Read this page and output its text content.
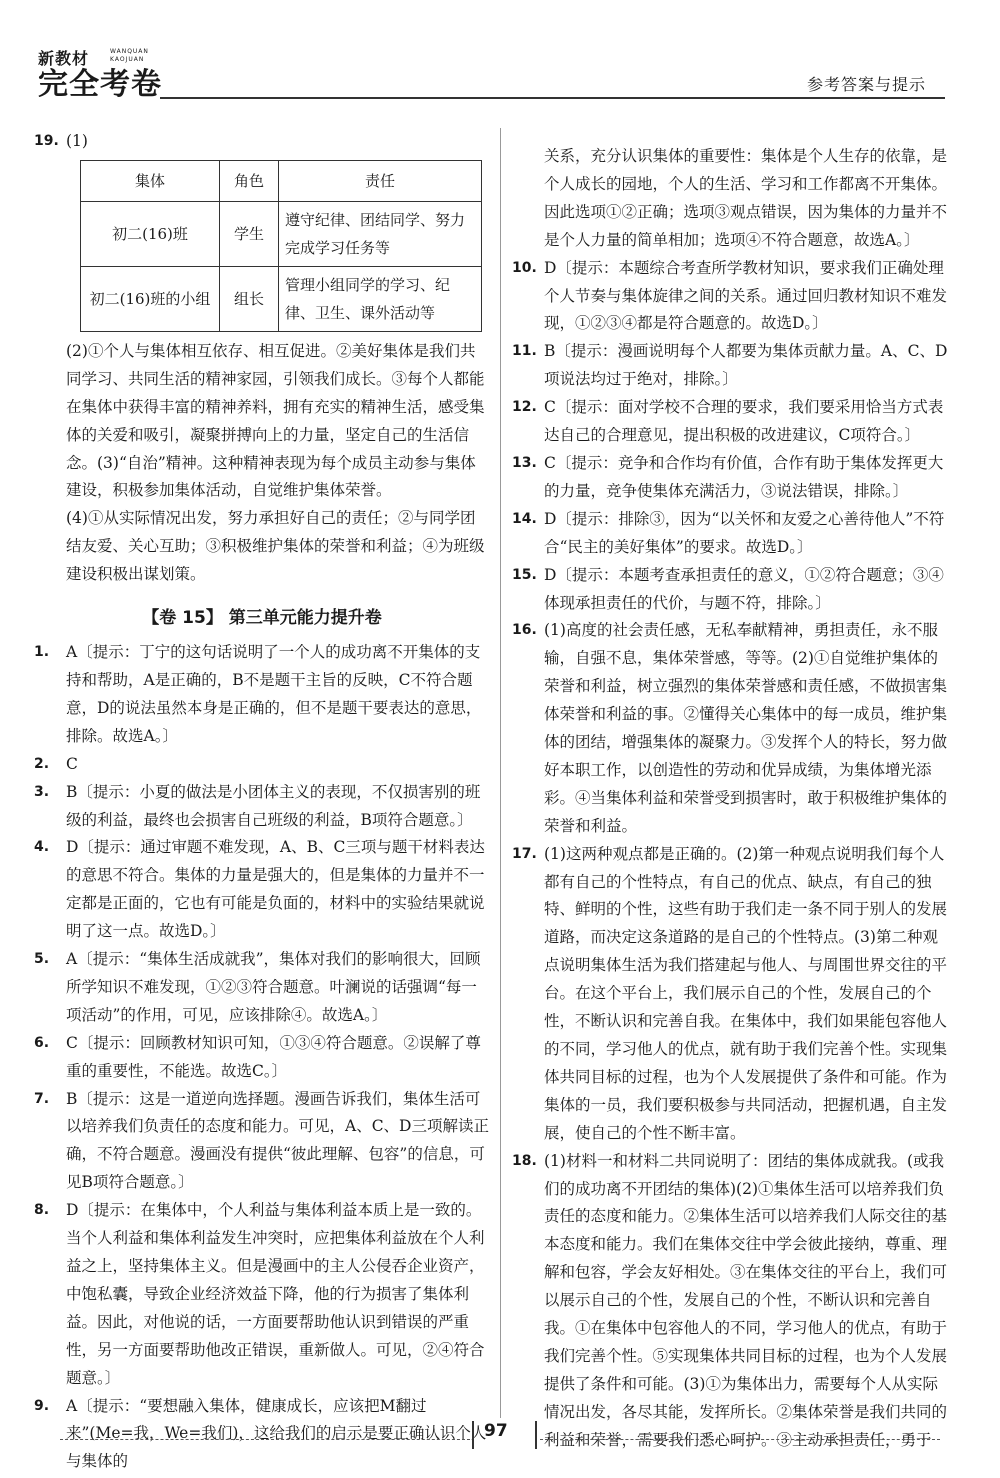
新教材	WANQUAN
KAOJUAN
完全考卷	参考答案与提示
19. (1)
集体	角色	责任
初二(16)班	学生	遵守纪律、团结同学、努力完成学习任务等
初二(16)班的小组	组长	管理小组同学的学习、纪律、卫生、课外活动等
(2)①个人与集体相互依存、相互促进。②美好集体是我们共同学习、共同生活的精神家园，引领我们成长。③每个人都能在集体中获得丰富的精神养料，拥有充实的精神生活，感受集体的关爱和吸引，凝聚拼搏向上的力量，坚定自己的生活信念。(3)“自治”精神。这种精神表现为每个成员主动参与集体建设，积极参加集体活动，自觉维护集体荣誉。
(4)①从实际情况出发，努力承担好自己的责任；②与同学团结友爱、关心互助；③积极维护集体的荣誉和利益；④为班级建设积极出谋划策。
【卷 15】 第三单元能力提升卷
1. A〔提示：丁宁的这句话说明了一个人的成功离不开集体的支持和帮助，A是正确的，B不是题干主旨的反映，C不符合题意，D的说法虽然本身是正确的，但不是题干要表达的意思，排除。故选A。〕
2. C
3. B〔提示：小夏的做法是小团体主义的表现，不仅损害别的班级的利益，最终也会损害自己班级的利益，B项符合题意。〕
4. D〔提示：通过审题不难发现，A、B、C三项与题干材料表达的意思不符合。集体的力量是强大的，但是集体的力量并不一定都是正面的，它也有可能是负面的，材料中的实验结果就说明了这一点。故选D。〕
5. A〔提示：“集体生活成就我”，集体对我们的影响很大，回顾所学知识不难发现，①②③符合题意。叶澜说的话强调“每一项活动”的作用，可见，应该排除④。故选A。〕
6. C〔提示：回顾教材知识可知，①③④符合题意。②误解了尊重的重要性，不能选。故选C。〕
7. B〔提示：这是一道逆向选择题。漫画告诉我们，集体生活可以培养我们负责任的态度和能力。可见，A、C、D三项解读正确，不符合题意。漫画没有提供“彼此理解、包容”的信息，可见B项符合题意。〕
8. D〔提示：在集体中，个人利益与集体利益本质上是一致的。当个人利益和集体利益发生冲突时，应把集体利益放在个人利益之上，坚持集体主义。但是漫画中的主人公侵吞企业资产，中饱私囊，导致企业经济效益下降，他的行为损害了集体利益。因此，对他说的话，一方面要帮助他认识到错误的严重性，另一方面要帮助他改正错误，重新做人。可见，②④符合题意。〕
9. A〔提示：“要想融入集体，健康成长，应该把M翻过来”(Me=我，We=我们)，这给我们的启示是要正确认识个人与集体的
关系，充分认识集体的重要性：集体是个人生存的依靠，是个人成长的园地，个人的生活、学习和工作都离不开集体。因此选项①②正确；选项③观点错误，因为集体的力量并不是个人力量的简单相加；选项④不符合题意，故选A。〕
10. D〔提示：本题综合考查所学教材知识，要求我们正确处理个人节奏与集体旋律之间的关系。通过回归教材知识不难发现，①②③④都是符合题意的。故选D。〕
11. B〔提示：漫画说明每个人都要为集体贡献力量。A、C、D项说法均过于绝对，排除。〕
12. C〔提示：面对学校不合理的要求，我们要采用恰当方式表达自己的合理意见，提出积极的改进建议，C项符合。〕
13. C〔提示：竞争和合作均有价值，合作有助于集体发挥更大的力量，竞争使集体充满活力，③说法错误，排除。〕
14. D〔提示：排除③，因为“以关怀和友爱之心善待他人”不符合“民主的美好集体”的要求。故选D。〕
15. D〔提示：本题考查承担责任的意义，①②符合题意；③④体现承担责任的代价，与题不符，排除。〕
16. (1)高度的社会责任感，无私奉献精神，勇担责任，永不服输，自强不息，集体荣誉感，等等。(2)①自觉维护集体的荣誉和利益，树立强烈的集体荣誉感和责任感，不做损害集体荣誉和利益的事。②懂得关心集体中的每一成员，维护集体的团结，增强集体的凝聚力。③发挥个人的特长，努力做好本职工作，以创造性的劳动和优异成绩，为集体增光添彩。④当集体利益和荣誉受到损害时，敢于积极维护集体的荣誉和利益。
17. (1)这两种观点都是正确的。(2)第一种观点说明我们每个人都有自己的个性特点，有自己的优点、缺点，有自己的独特、鲜明的个性，这些有助于我们走一条不同于别人的发展道路，而决定这条道路的是自己的个性特点。(3)第二种观点说明集体生活为我们搭建起与他人、与周围世界交往的平台。在这个平台上，我们展示自己的个性，发展自己的个性，不断认识和完善自我。在集体中，我们如果能包容他人的不同，学习他人的优点，就有助于我们完善个性。实现集体共同目标的过程，也为个人发展提供了条件和可能。作为集体的一员，我们要积极参与共同活动，把握机遇，自主发展，使自己的个性不断丰富。
18. (1)材料一和材料二共同说明了：团结的集体成就我。(或我们的成功离不开团结的集体)(2)①集体生活可以培养我们负责任的态度和能力。②集体生活可以培养我们人际交往的基本态度和能力。我们在集体交往中学会彼此接纳，尊重、理解和包容，学会友好相处。③在集体交往的平台上，我们可以展示自己的个性，发展自己的个性，不断认识和完善自我。①在集体中包容他人的不同，学习他人的优点，有助于我们完善个性。⑤实现集体共同目标的过程，也为个人发展提供了条件和可能。(3)①为集体出力，需要每个人从实际情况出发，各尽其能，发挥所长。②集体荣誉是我们共同的利益和荣誉，需要我们悉心呵护。③主动承担责任，勇于
97
